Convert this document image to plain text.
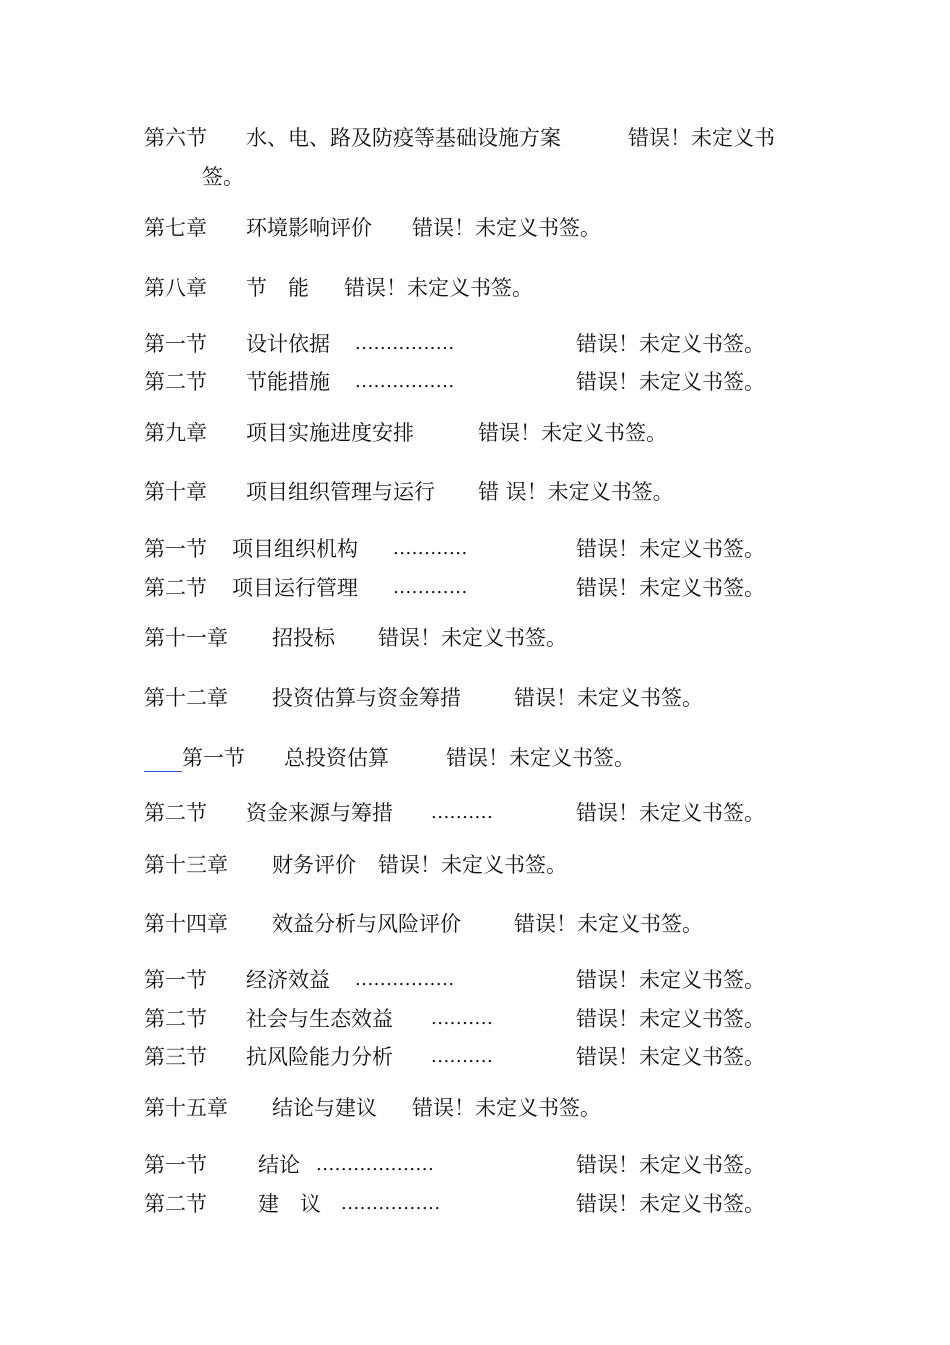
第六节 水、电、路及防疫等基础设施方案	错误！未定义书
签。
第七章 环境影响评价 错误！未定义书签。
第八章 节　能 错误！未定义书签。
第一节 设计依据 ................	错误！未定义书签。
第二节 节能措施 ................	错误！未定义书签。
第九章 项目实施进度安排	错误！未定义书签。
第十章 项目组织管理与运行 错 误！未定义书签。
第一节 项目组织机构 ............	错误！未定义书签。
第二节 项目运行管理 ............	错误！未定义书签。
第十一章 招投标 错误！未定义书签。
第十二章 投资估算与资金筹措	错误！未定义书签。
第一节 总投资估算	错误！未定义书签。
第二节 资金来源与筹措 ..........	错误！未定义书签。
第十三章 财务评价 错误！未定义书签。
第十四章 效益分析与风险评价	错误！未定义书签。
第一节 经济效益 ................	错误！未定义书签。
第二节 社会与生态效益 ..........	错误！未定义书签。
第三节 抗风险能力分析 ..........	错误！未定义书签。
第十五章 结论与建议 错误！未定义书签。
第一节 结论 ...................	错误！未定义书签。
第二节 建　议 ................	错误！未定义书签。
